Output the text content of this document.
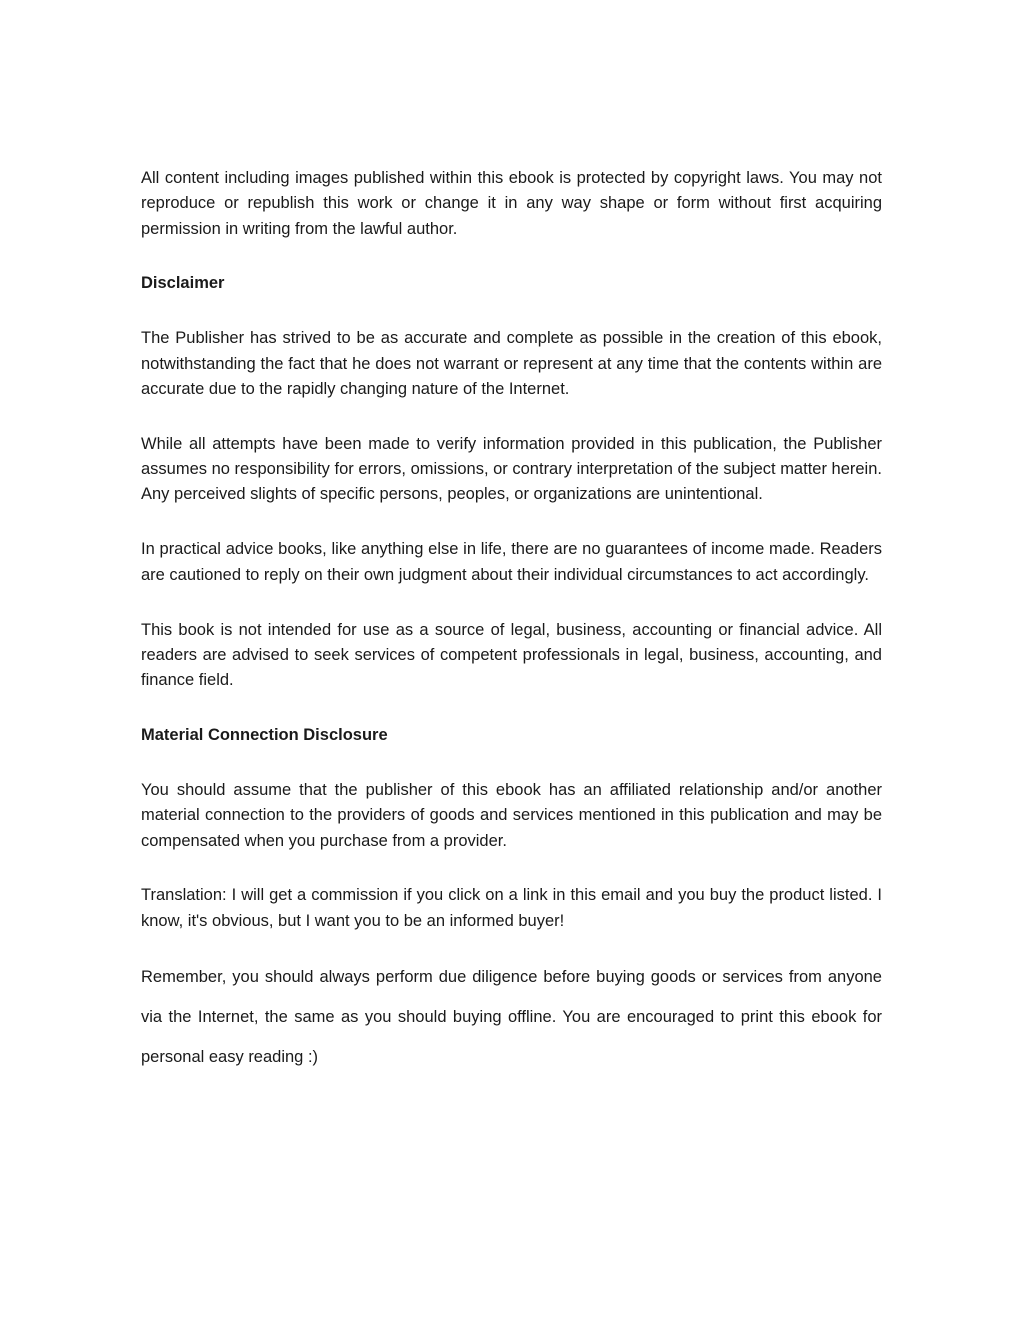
All content including images published within this ebook is protected by copyright laws. You may not reproduce or republish this work or change it in any way shape or form without first acquiring permission in writing from the lawful author.

Disclaimer

The Publisher has strived to be as accurate and complete as possible in the creation of this ebook, notwithstanding the fact that he does not warrant or represent at any time that the contents within are accurate due to the rapidly changing nature of the Internet.

While all attempts have been made to verify information provided in this publication, the Publisher assumes no responsibility for errors, omissions, or contrary interpretation of the subject matter herein. Any perceived slights of specific persons, peoples, or organizations are unintentional.

In practical advice books, like anything else in life, there are no guarantees of income made. Readers are cautioned to reply on their own judgment about their individual circumstances to act accordingly.

This book is not intended for use as a source of legal, business, accounting or financial advice. All readers are advised to seek services of competent professionals in legal, business, accounting, and finance field.

Material Connection Disclosure

You should assume that the publisher of this ebook has an affiliated relationship and/or another material connection to the providers of goods and services mentioned in this publication and may be compensated when you purchase from a provider.

Translation: I will get a commission if you click on a link in this email and you buy the product listed. I know, it's obvious, but I want you to be an informed buyer!

Remember, you should always perform due diligence before buying goods or services from anyone via the Internet, the same as you should buying offline. You are encouraged to print this ebook for personal easy reading :)
